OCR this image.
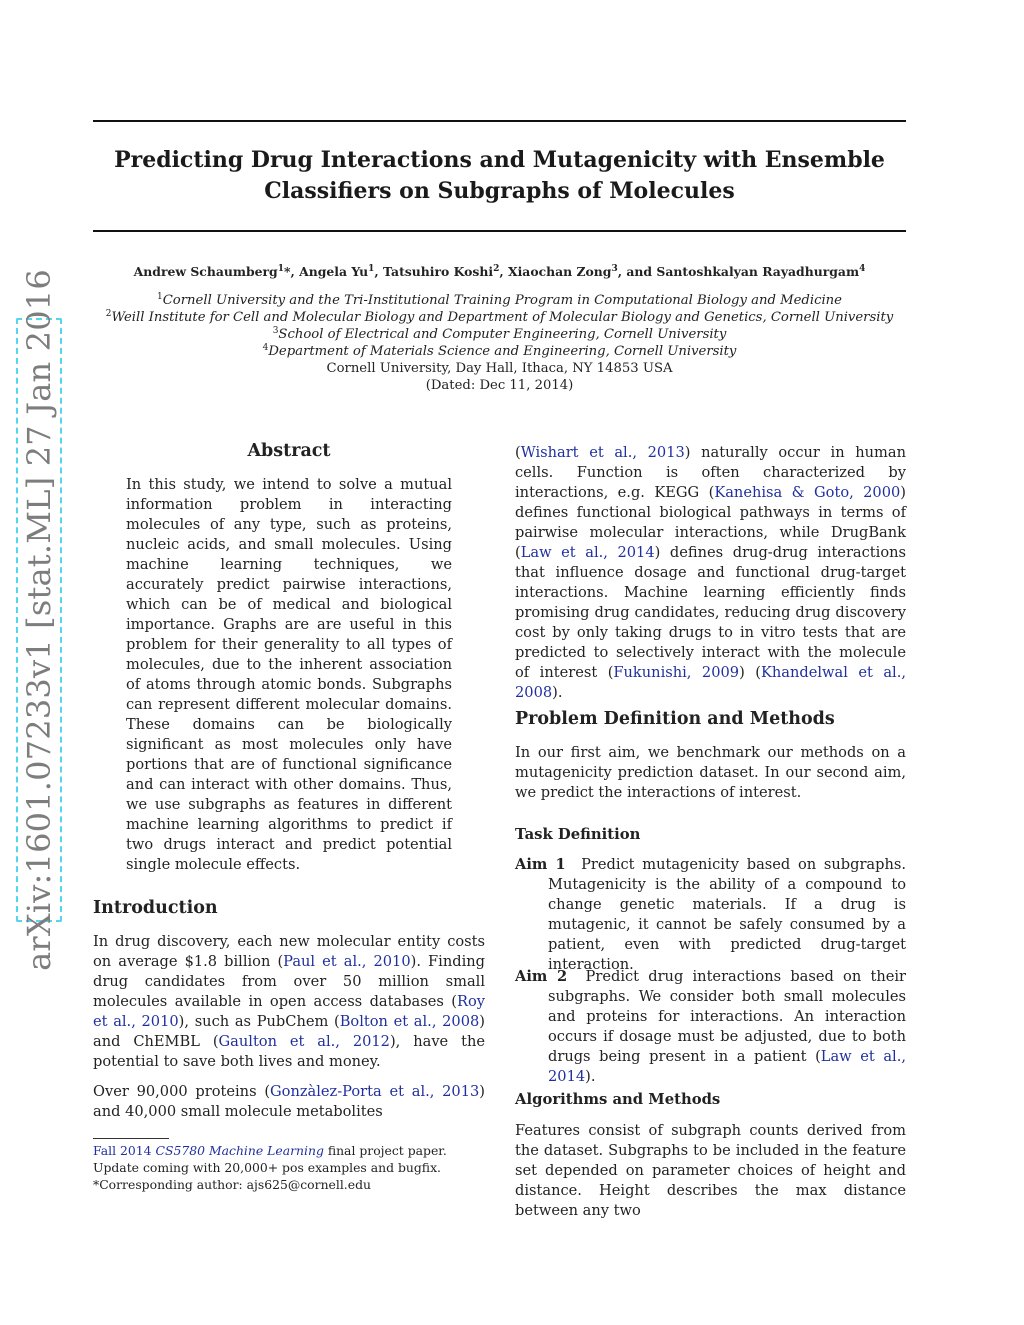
Predicting Drug Interactions and Mutagenicity with Ensemble
Classifiers on Subgraphs of Molecules
Andrew Schaumberg$^1$*, Angela Yu$^1$, Tatsuhiro Koshi$^2$, Xiaochan Zong$^3$, and Santoshkalyan Rayadhurgam$^4$
$^1$Cornell University and the Tri-Institutional Training Program in Computational Biology and Medicine
$^2$Weill Institute for Cell and Molecular Biology and Department of Molecular Biology and Genetics, Cornell University
$^3$School of Electrical and Computer Engineering, Cornell University
$^4$Department of Materials Science and Engineering, Cornell University
Cornell University, Day Hall, Ithaca, NY 14853 USA
(Dated: Dec 11, 2014)
arXiv:1601.07233v1 [stat.ML] 27 Jan 2016	Abstract

In this study, we intend to solve a mutual information problem in interacting molecules of any type, such as proteins, nucleic acids, and small molecules. Using machine learning techniques, we accurately predict pairwise interactions, which can be of medical and biological importance. Graphs are are useful in this problem for their generality to all types of molecules, due to the inherent association of atoms through atomic bonds. Subgraphs can represent different molecular domains. These domains can be biologically significant as most molecules only have portions that are of functional significance and can interact with other domains. Thus, we use subgraphs as features in different machine learning algorithms to predict if two drugs interact and predict potential single molecule effects.

Introduction

In drug discovery, each new molecular entity costs on average $1.8 billion (Paul et al., 2010). Finding drug candidates from over 50 million small molecules available in open access databases (Roy et al., 2010), such as PubChem (Bolton et al., 2008) and ChEMBL (Gaulton et al., 2012), have the potential to save both lives and money.

Over 90,000 proteins (Gonzàlez-Porta et al., 2013) and 40,000 small molecule metabolites

Fall 2014 CS5780 Machine Learning final project paper.
Update coming with 20,000+ pos examples and bugfix.
*Corresponding author: ajs625@cornell.edu

(Wishart et al., 2013) naturally occur in human cells. Function is often characterized by interactions, e.g. KEGG (Kanehisa & Goto, 2000) defines functional biological pathways in terms of pairwise molecular interactions, while DrugBank (Law et al., 2014) defines drug-drug interactions that influence dosage and functional drug-target interactions. Machine learning efficiently finds promising drug candidates, reducing drug discovery cost by only taking drugs to in vitro tests that are predicted to selectively interact with the molecule of interest (Fukunishi, 2009) (Khandelwal et al., 2008).

Problem Definition and Methods

In our first aim, we benchmark our methods on a mutagenicity prediction dataset. In our second aim, we predict the interactions of interest.

Task Definition
Aim 1 Predict mutagenicity based on subgraphs. Mutagenicity is the ability of a compound to change genetic materials. If a drug is mutagenic, it cannot be safely consumed by a patient, even with predicted drug-target interaction.
Aim 2 Predict drug interactions based on their subgraphs. We consider both small molecules and proteins for interactions. An interaction occurs if dosage must be adjusted, due to both drugs being present in a patient (Law et al., 2014).
Algorithms and Methods

Features consist of subgraph counts derived from the dataset. Subgraphs to be included in the feature set depended on parameter choices of height and distance. Height describes the max distance between any two
